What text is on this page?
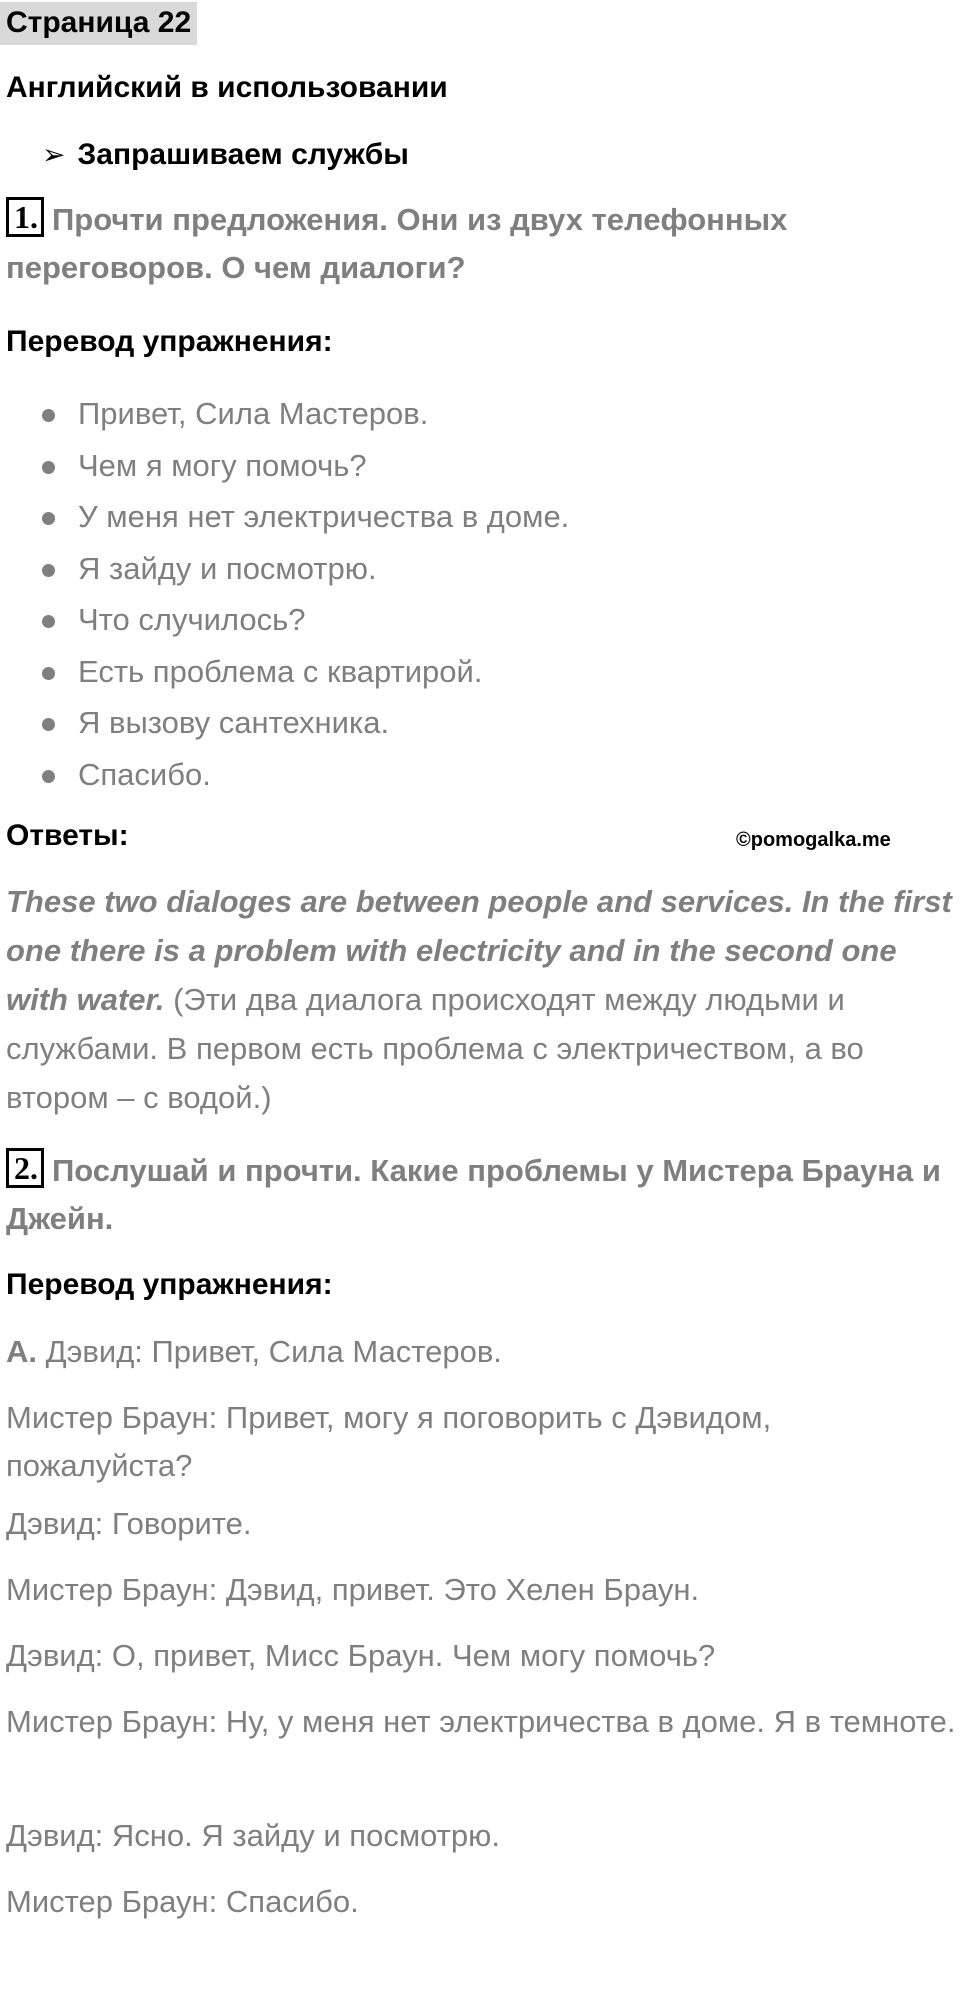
Страница 22
Английский в использовании
➢ Запрашиваем службы
1. Прочти предложения. Они из двух телефонных переговоров. О чем диалоги?
Перевод упражнения:
Привет, Сила Мастеров.
Чем я могу помочь?
У меня нет электричества в доме.
Я зайду и посмотрю.
Что случилось?
Есть проблема с квартирой.
Я вызову сантехника.
Спасибо.
Ответы:	©pomogalka.me
These two dialoges are between people and services. In the first one there is a problem with electricity and in the second one with water. (Эти два диалога происходят между людьми и службами. В первом есть проблема с электричеством, а во втором – с водой.)
2. Послушай и прочти. Какие проблемы у Мистера Брауна и Джейн.
Перевод упражнения:
A. Дэвид: Привет, Сила Мастеров.
Мистер Браун: Привет, могу я поговорить с Дэвидом, пожалуйста?
Дэвид: Говорите.
Мистер Браун: Дэвид, привет. Это Хелен Браун.
Дэвид: О, привет, Мисс Браун. Чем могу помочь?
Мистер Браун: Ну, у меня нет электричества в доме. Я в темноте.
Дэвид: Ясно. Я зайду и посмотрю.
Мистер Браун: Спасибо.
